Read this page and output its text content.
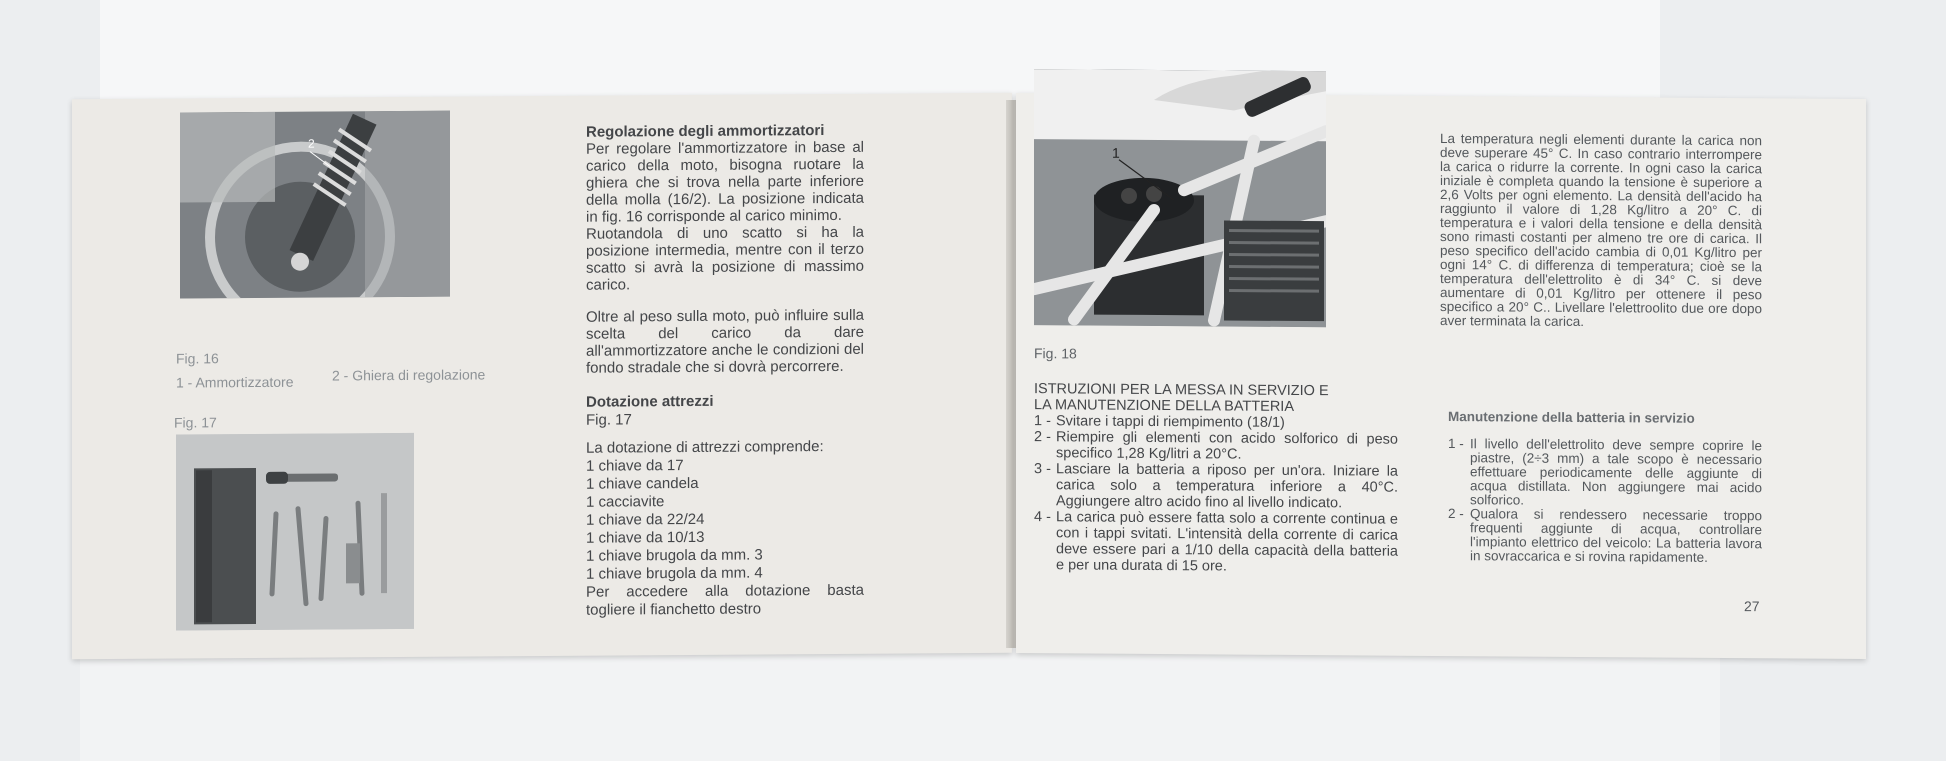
2
Fig. 16
1 - Ammortizzatore	2 - Ghiera di regolazione
Fig. 17

Regolazione degli ammortizzatori

Per regolare l'ammortizzatore in base al carico della moto, bisogna ruotare la ghiera che si trova nella parte inferiore della molla (16/2). La posizione indicata in fig. 16 corrisponde al carico minimo.

Ruotandola di uno scatto si ha la posizione intermedia, mentre con il terzo scatto si avrà la posizione di massimo carico.

Oltre al peso sulla moto, può influire sulla scelta del carico da dare all'ammortizzatore anche le condizioni del fondo stradale che si dovrà percorrere.

Dotazione attrezzi

Fig. 17

La dotazione di attrezzi comprende:

1 chiave da 17
1 chiave candela
1 cacciavite
1 chiave da 22/24
1 chiave da 10/13
1 chiave brugola da mm. 3
1 chiave brugola da mm. 4

Per accedere alla dotazione basta togliere il fianchetto destro

1
Fig. 18

ISTRUZIONI PER LA MESSA IN SERVIZIO E

LA MANUTENZIONE DELLA BATTERIA

1 - Svitare i tappi di riempimento (18/1)
2 - Riempire gli elementi con acido solforico di peso specifico 1,28 Kg/litri a 20°C.
3 - Lasciare la batteria a riposo per un'ora. Iniziare la carica solo a temperatura inferiore a 40°C. Aggiungere altro acido fino al livello indicato.
4 - La carica può essere fatta solo a corrente continua e con i tappi svitati. L'intensità della corrente di carica deve essere pari a 1/10 della capacità della batteria e per una durata di 15 ore.

La temperatura negli elementi durante la carica non deve superare 45° C. In caso contrario interrompere la carica o ridurre la corrente. In ogni caso la carica iniziale è completa quando la tensione è superiore a 2,6 Volts per ogni elemento. La densità dell'acido ha raggiunto il valore di 1,28 Kg/litro a 20° C. di temperatura e i valori della tensione e della densità sono rimasti costanti per almeno tre ore di carica. Il peso specifico dell'acido cambia di 0,01 Kg/litro per ogni 14° C. di differenza di temperatura; cioè se la temperatura dell'elettrolito è di 34° C. si deve aumentare di 0,01 Kg/litro per ottenere il peso specifico a 20° C.. Livellare l'elettroolito due ore dopo aver terminata la carica.

Manutenzione della batteria in servizio

1 - Il livello dell'elettrolito deve sempre coprire le piastre, (2÷3 mm) a tale scopo è necessario effettuare periodicamente delle aggiunte di acqua distillata. Non aggiungere mai acido solforico.
2 - Qualora si rendessero necessarie troppo frequenti aggiunte di acqua, controllare l'impianto elettrico del veicolo: La batteria lavora in sovraccarica e si rovina rapidamente.
27
